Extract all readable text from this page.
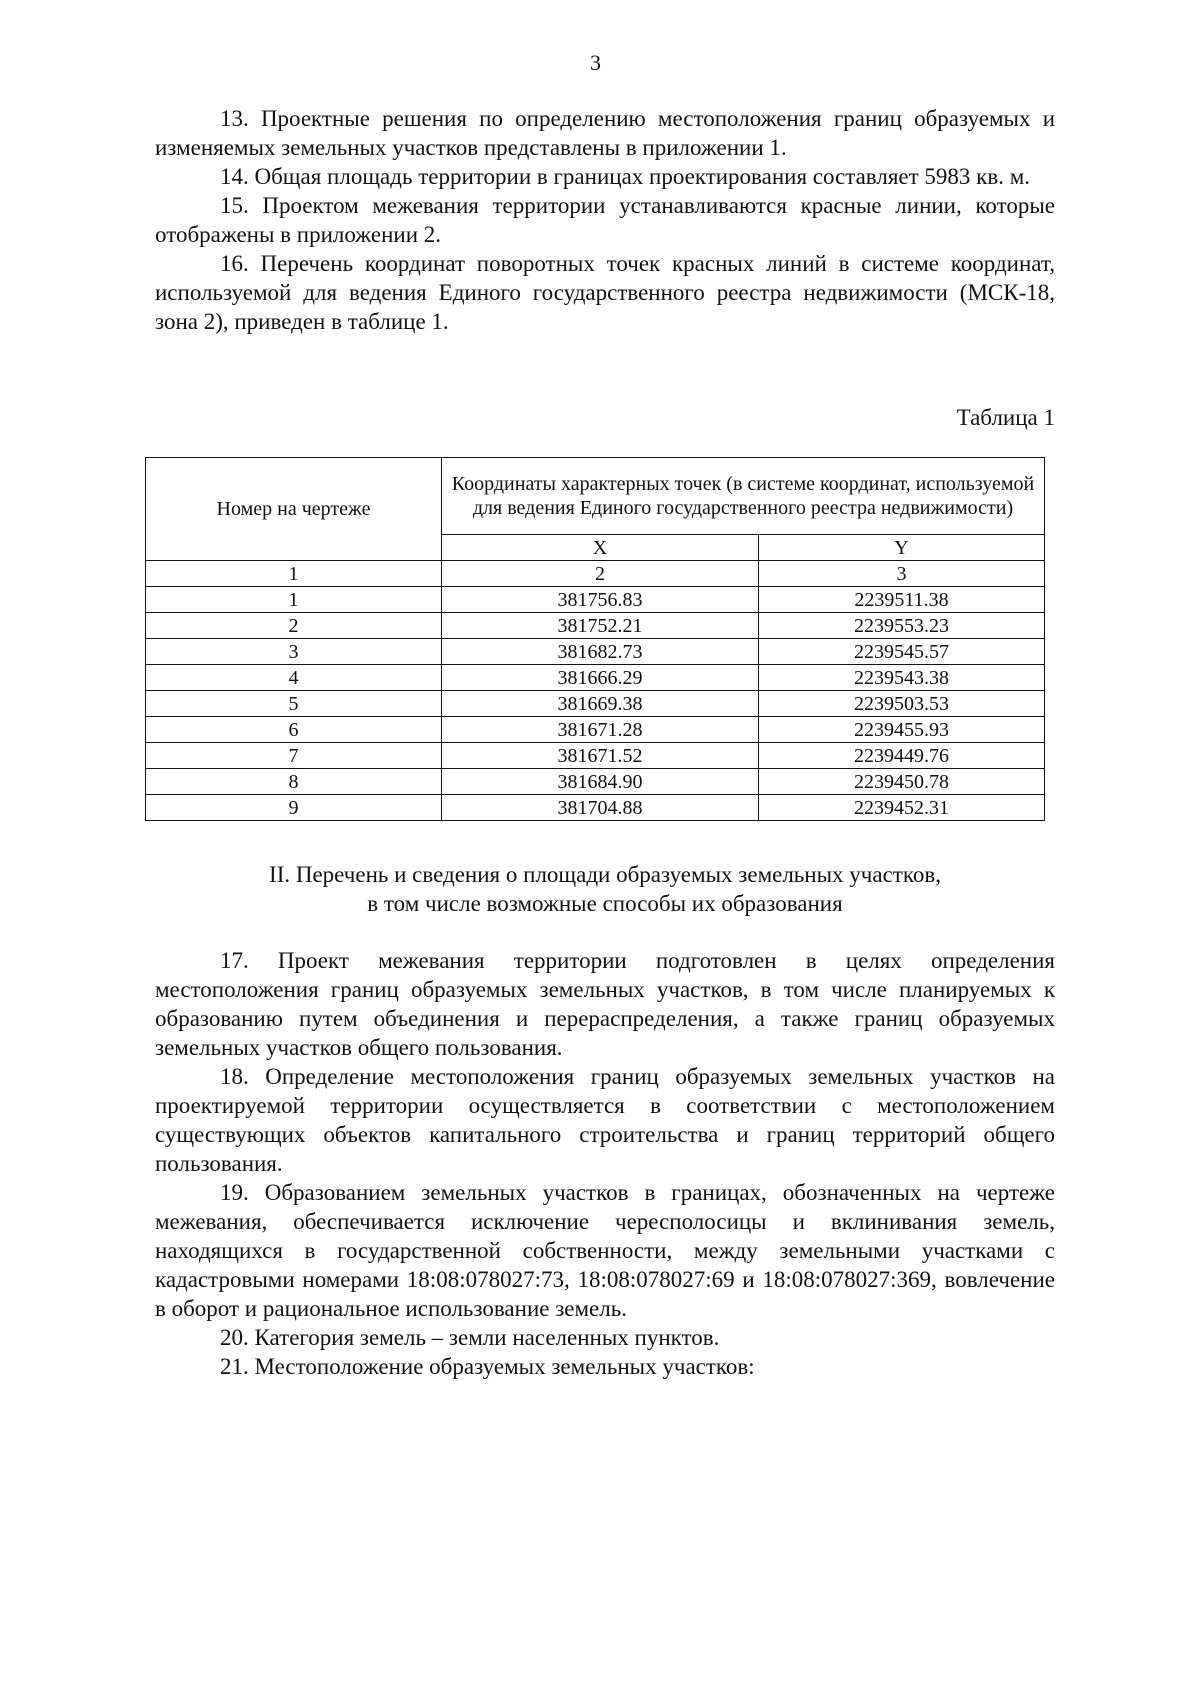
3

13. Проектные решения по определению местоположения границ образуемых и изменяемых земельных участков представлены в приложении 1.

14. Общая площадь территории в границах проектирования составляет 5983 кв. м.

15. Проектом межевания территории устанавливаются красные линии, которые отображены в приложении 2.

16. Перечень координат поворотных точек красных линий в системе координат, используемой для ведения Единого государственного реестра недвижимости (МСК-18, зона 2), приведен в таблице 1.

Таблица 1
Номер на чертеже	Координаты характерных точек (в системе координат, используемой для ведения Единого государственного реестра недвижимости)	
	X	Y
1	2	3
1	381756.83	2239511.38
2	381752.21	2239553.23
3	381682.73	2239545.57
4	381666.29	2239543.38
5	381669.38	2239503.53
6	381671.28	2239455.93
7	381671.52	2239449.76
8	381684.90	2239450.78
9	381704.88	2239452.31
II. Перечень и сведения о площади образуемых земельных участков,
в том числе возможные способы их образования

17. Проект межевания территории подготовлен в целях определения местоположения границ образуемых земельных участков, в том числе планируемых к образованию путем объединения и перераспределения, а также границ образуемых земельных участков общего пользования.

18. Определение местоположения границ образуемых земельных участков на проектируемой территории осуществляется в соответствии с местоположением существующих объектов капитального строительства и границ территорий общего пользования.

19. Образованием земельных участков в границах, обозначенных на чертеже межевания, обеспечивается исключение чересполосицы и вклинивания земель, находящихся в государственной собственности, между земельными участками с кадастровыми номерами 18:08:078027:73, 18:08:078027:69 и 18:08:078027:369, вовлечение в оборот и рациональное использование земель.

20. Категория земель – земли населенных пунктов.

21. Местоположение образуемых земельных участков:
